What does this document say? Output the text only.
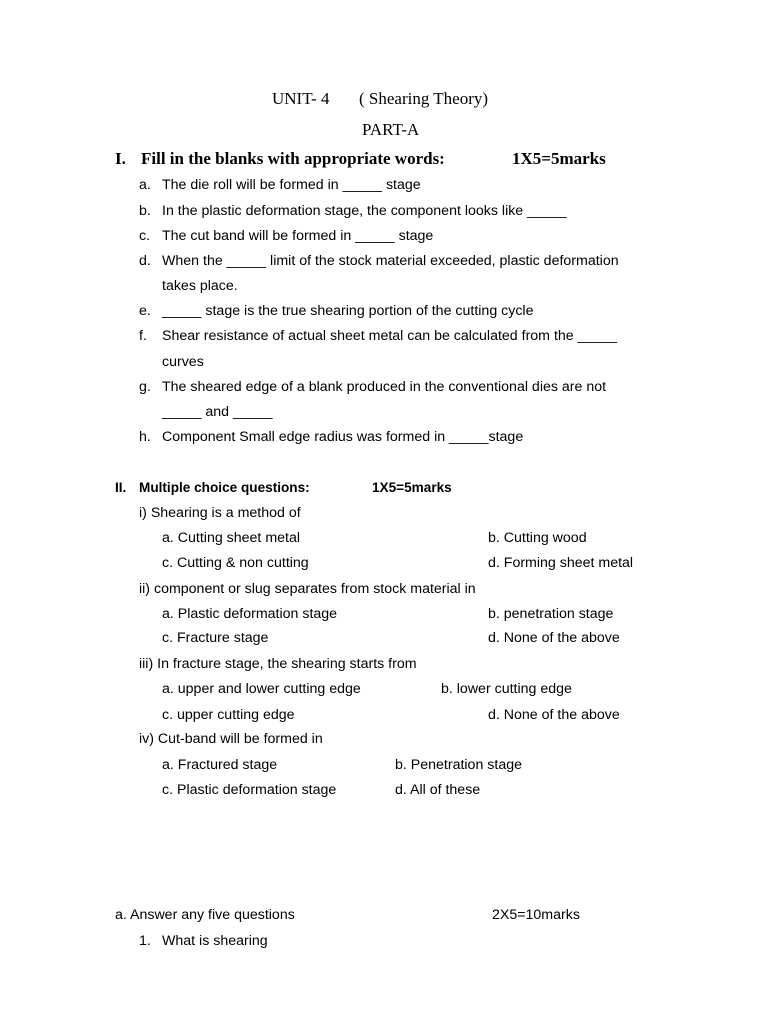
UNIT- 4 ( Shearing Theory)
PART-A
I. Fill in the blanks with appropriate words:	1X5=5marks
a. The die roll will be formed in _____ stage
b. In the plastic deformation stage, the component looks like _____
c. The cut band will be formed in _____ stage
d. When the _____ limit of the stock material exceeded, plastic deformation
takes place.
e. _____ stage is the true shearing portion of the cutting cycle
f. Shear resistance of actual sheet metal can be calculated from the _____
curves
g. The sheared edge of a blank produced in the conventional dies are not
_____ and _____
h. Component Small edge radius was formed in _____stage
II. Multiple choice questions:	1X5=5marks
i) Shearing is a method of
a. Cutting sheet metal	b. Cutting wood
c. Cutting & non cutting	d. Forming sheet metal
ii) component or slug separates from stock material in
a. Plastic deformation stage	b. penetration stage
c. Fracture stage	d. None of the above
iii) In fracture stage, the shearing starts from
a. upper and lower cutting edge	b. lower cutting edge
c. upper cutting edge	d. None of the above
iv) Cut-band will be formed in
a. Fractured stage	b. Penetration stage
c. Plastic deformation stage	d. All of these
a. Answer any five questions	2X5=10marks
1. What is shearing
